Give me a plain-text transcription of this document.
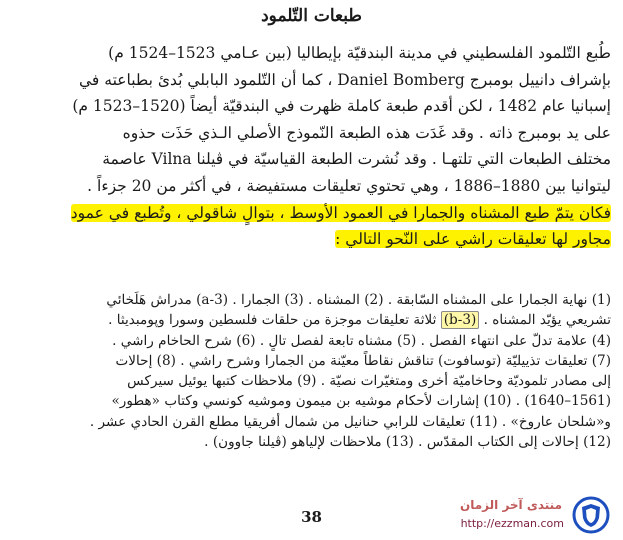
طبعات التّلمود
طُبع التّلمود الفلسطيني في مدينة البندقيّة بإيطاليا (بين عـامي 1523–1524 م)
بإشراف دانييل بومبرج Daniel Bomberg ، كما أن التّلمود البابلي بُدئ بطباعته في
إسبانيا عام 1482 ، لكن أقدم طبعة كاملة ظهرت في البندقيّة أيضاً (1520–1523 م)
على يد بومبرج ذاته . وقد غَدَت هذه الطبعة النّموذج الأصلي الـذي حَذَت حذوه
مختلف الطبعات التي تلتهـا . وقد نُشرت الطبعة القياسيّة في ڤيلنا Vilna عاصمة
ليتوانيا بين 1880–1886 ، وهي تحتوي تعليقات مستفيضة ، في أكثر من 20 جزءاً .
فكان يتمّ طبع المشناه والجمارا في العمود الأوسط ، بتوالٍ شاقولي ، وتُطبع في عمود
مجاور لها تعليقات راشي على النّحو التالي :
(1) نهاية الجمارا على المشناه السّابقة . (2) المشناه . (3) الجمارا . (3-a) مدراش هَلَخائي
تشريعي يؤيّد المشناه . (3-b) ثلاثة تعليقات موجزة من حلقات فلسطين وسورا وپومبديثا .
(4) علامة تدلّ على انتهاء الفصل . (5) مشناه تابعة لفصل تالٍ . (6) شرح الحاخام راشي .
(7) تعليقات تذييليّة (توسافوت) تناقش نقاطاً معيّنة من الجمارا وشرح راشي . (8) إحالات
إلى مصادر تلموديّة وحاخاميّة أخرى ومتغيّرات نصيّة . (9) ملاحظات كتبها يوئيل سيركس
(1561–1640) . (10) إشارات لأحكام موشيه بن ميمون وموشيه كونسي وكتاب «هطور»
و«شلحان عاروخ» . (11) تعليقات للرابي حنانيل من شمال أفريقيا مطلع القرن الحادي عشر .
(12) إحالات إلى الكتاب المقدّس . (13) ملاحظات لإلياهو (ڤيلنا جاوون) .
38
منتدى آخر الزمان
http://ezzman.com
